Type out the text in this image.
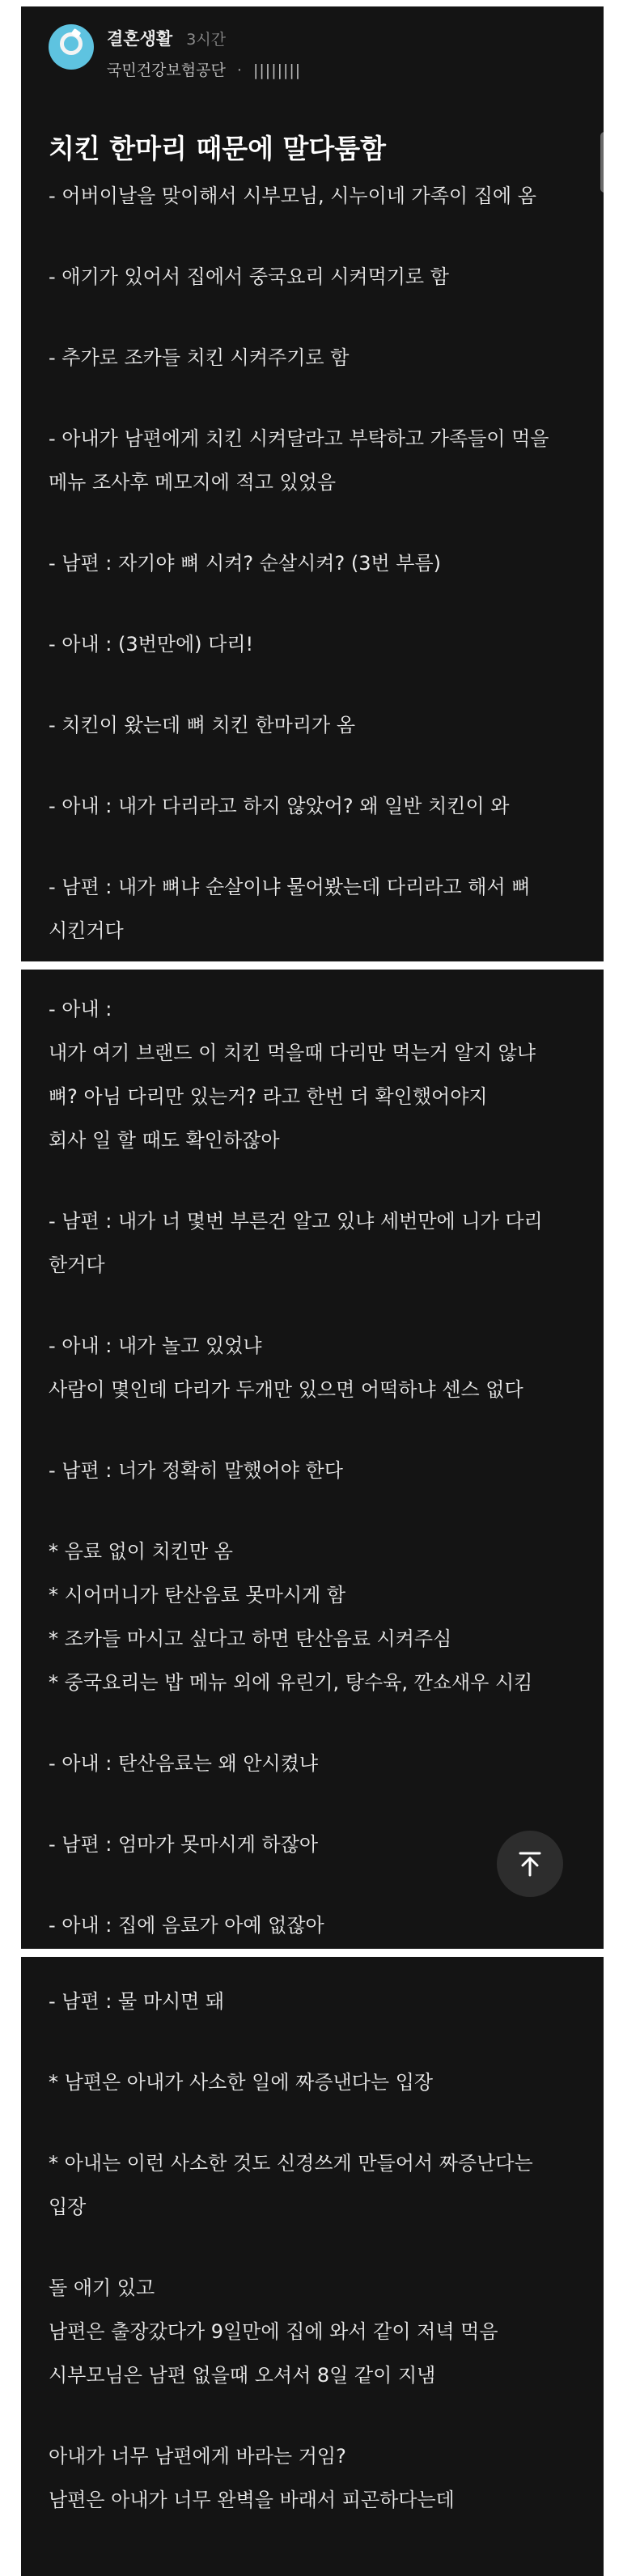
결혼생활 3시간
국민건강보험공단 · ||||||||
치킨 한마리 때문에 말다툼함
- 어버이날을 맞이해서 시부모님, 시누이네 가족이 집에 옴
- 애기가 있어서 집에서 중국요리 시켜먹기로 함
- 추가로 조카들 치킨 시켜주기로 함
- 아내가 남편에게 치킨 시켜달라고 부탁하고 가족들이 먹을
메뉴 조사후 메모지에 적고 있었음
- 남편 : 자기야 뼈 시켜? 순살시켜? (3번 부름)
- 아내 : (3번만에) 다리!
- 치킨이 왔는데 뼈 치킨 한마리가 옴
- 아내 : 내가 다리라고 하지 않았어? 왜 일반 치킨이 와
- 남편 : 내가 뼈냐 순살이냐 물어봤는데 다리라고 해서 뼈
시킨거다
- 아내 :
내가 여기 브랜드 이 치킨 먹을때 다리만 먹는거 알지 않냐
뼈? 아님 다리만 있는거? 라고 한번 더 확인했어야지
회사 일 할 때도 확인하잖아
- 남편 : 내가 너 몇번 부른건 알고 있냐 세번만에 니가 다리
한거다
- 아내 : 내가 놀고 있었냐
사람이 몇인데 다리가 두개만 있으면 어떡하냐 센스 없다
- 남편 : 너가 정확히 말했어야 한다
* 음료 없이 치킨만 옴
* 시어머니가 탄산음료 못마시게 함
* 조카들 마시고 싶다고 하면 탄산음료 시켜주심
* 중국요리는 밥 메뉴 외에 유린기, 탕수육, 깐쇼새우 시킴
- 아내 : 탄산음료는 왜 안시켰냐
- 남편 : 엄마가 못마시게 하잖아
- 아내 : 집에 음료가 아예 없잖아
- 남편 : 물 마시면 돼
* 남편은 아내가 사소한 일에 짜증낸다는 입장
* 아내는 이런 사소한 것도 신경쓰게 만들어서 짜증난다는
입장
돌 애기 있고
남편은 출장갔다가 9일만에 집에 와서 같이 저녁 먹음
시부모님은 남편 없을때 오셔서 8일 같이 지냄
아내가 너무 남편에게 바라는 거임?
남편은 아내가 너무 완벽을 바래서 피곤하다는데
